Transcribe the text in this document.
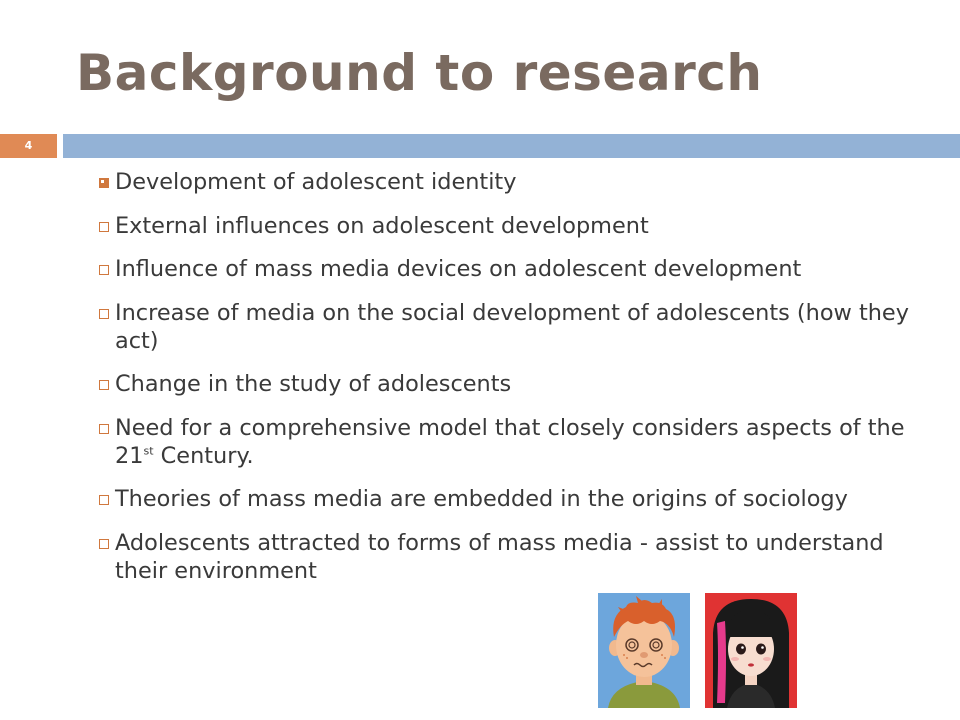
Background to research
4
Development of adolescent identity
External influences on adolescent development
Influence of mass media devices on adolescent development
Increase of media on the social development of adolescents (how they act)
Change in the study of adolescents
Need for a comprehensive model that closely considers aspects of the 21st Century.
Theories of mass media are embedded in the origins of sociology
Adolescents attracted to forms of mass media - assist to understand their environment
